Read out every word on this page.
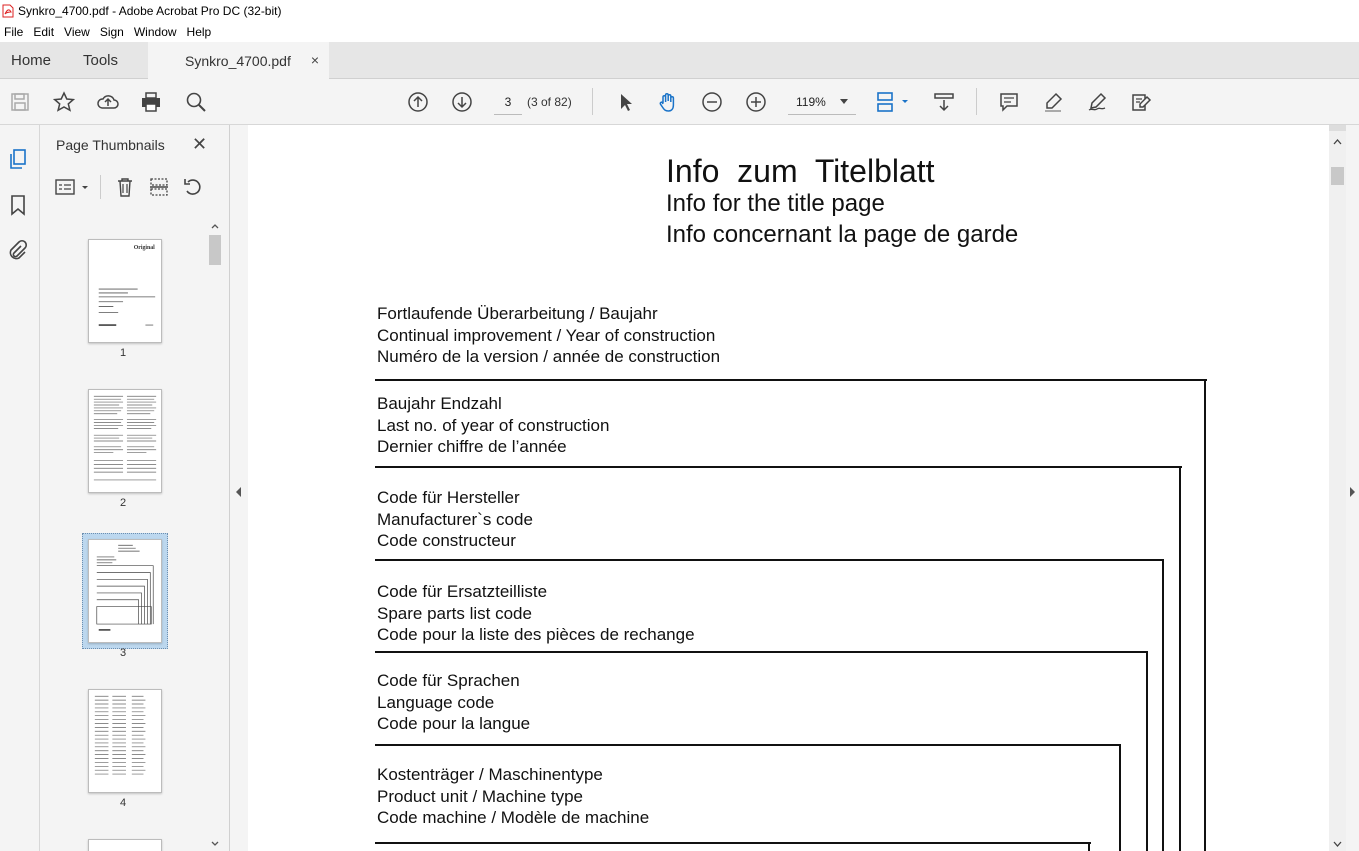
Synkro_4700.pdf - Adobe Acrobat Pro DC (32-bit)
File Edit View Sign Window Help
Home Tools	Synkro_4700.pdf ×
3	(3 of 82)	119%
Page Thumbnails ✕
Original
1
2
3
4
Info  zum  Titelblatt
Info for the title page
Info concernant la page de garde
Fortlaufende Überarbeitung / Baujahr
Continual improvement / Year of construction
Numéro de la version / année de construction
Baujahr Endzahl
Last no. of year of construction
Dernier chiffre de l’année
Code für Hersteller
Manufacturer`s code
Code constructeur
Code für Ersatzteilliste
Spare parts list code
Code pour la liste des pièces de rechange
Code für Sprachen
Language code
Code pour la langue
Kostenträger / Maschinentype
Product unit / Machine type
Code machine / Modèle de machine
